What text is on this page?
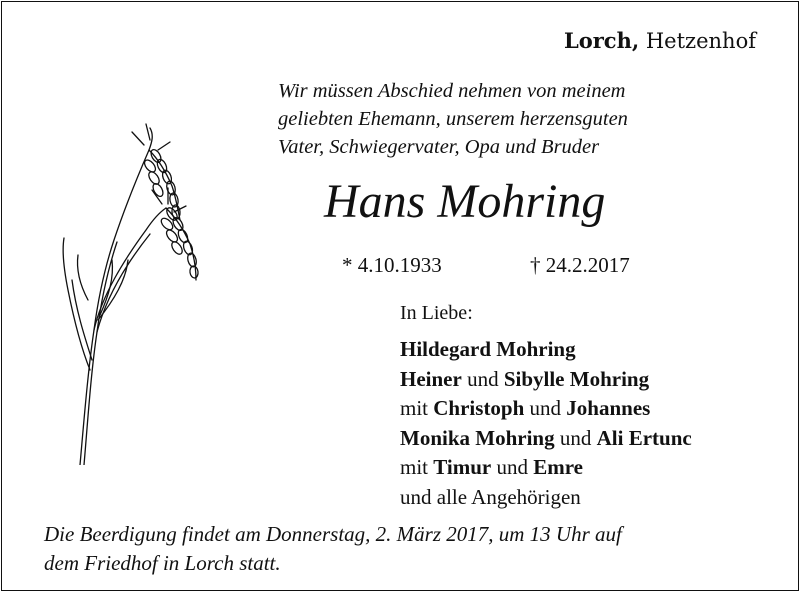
Lorch, Hetzenhof
Wir müssen Abschied nehmen von meinem
geliebten Ehemann, unserem herzensguten
Vater, Schwiegervater, Opa und Bruder
Hans Mohring
* 4.10.1933	† 24.2.2017
In Liebe:
Hildegard Mohring
Heiner und Sibylle Mohring
mit Christoph und Johannes
Monika Mohring und Ali Ertunc
mit Timur und Emre
und alle Angehörigen
Die Beerdigung findet am Donnerstag, 2. März 2017, um 13 Uhr auf
dem Friedhof in Lorch statt.
